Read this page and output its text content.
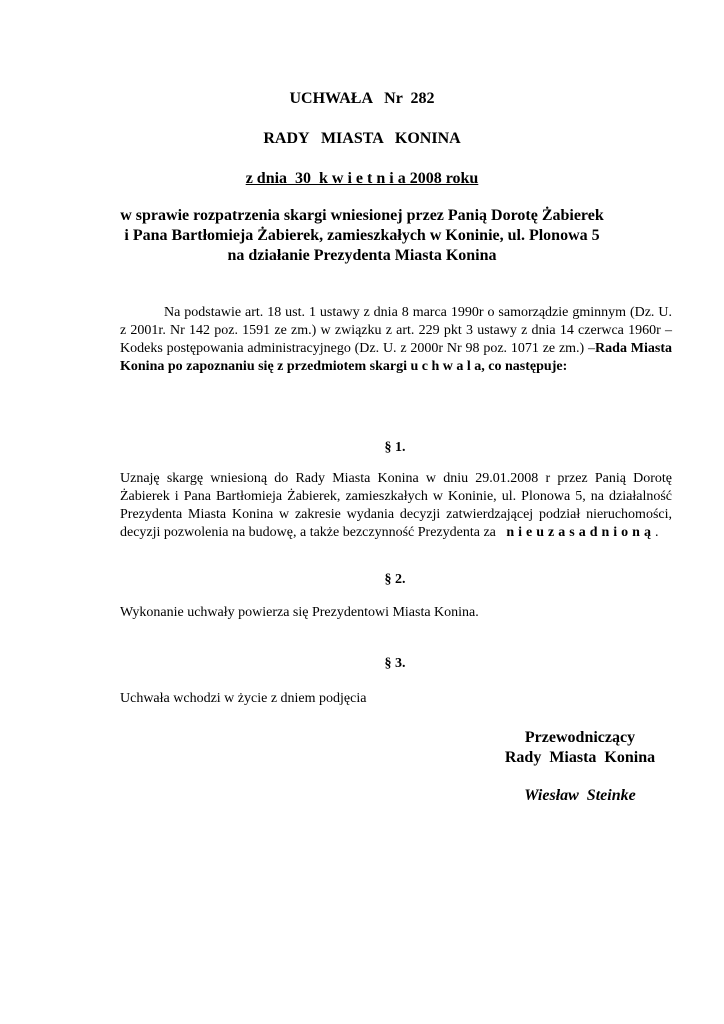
UCHWAŁA   Nr  282
RADY   MIASTA   KONINA
z dnia  30  k w i e t n i a 2008 roku
w sprawie rozpatrzenia skargi wniesionej przez Panią Dorotę Żabierek
i Pana Bartłomieja Żabierek, zamieszkałych w Koninie, ul. Plonowa 5
na działanie Prezydenta Miasta Konina
Na podstawie art. 18 ust. 1 ustawy z dnia 8 marca 1990r o samorządzie gminnym (Dz. U. z 2001r. Nr 142 poz. 1591 ze zm.) w związku z art. 229 pkt 3 ustawy z dnia 14 czerwca 1960r – Kodeks postępowania administracyjnego (Dz. U. z 2000r Nr 98 poz. 1071 ze zm.) –Rada Miasta Konina po zapoznaniu się z przedmiotem skargi u c h w a l a, co następuje:
§ 1.
Uznaję skargę wniesioną do Rady Miasta Konina w dniu 29.01.2008 r przez Panią Dorotę Żabierek i Pana Bartłomieja Żabierek, zamieszkałych w Koninie, ul. Plonowa 5, na działalność Prezydenta Miasta Konina w zakresie wydania decyzji zatwierdzającej podział nieruchomości, decyzji pozwolenia na budowę, a także bezczynność Prezydenta za nieuzasadnioną.
§ 2.
Wykonanie uchwały powierza się Prezydentowi Miasta Konina.
§ 3.
Uchwała wchodzi w życie z dniem podjęcia
Przewodniczący
Rady  Miasta  Konina
Wiesław  Steinke
